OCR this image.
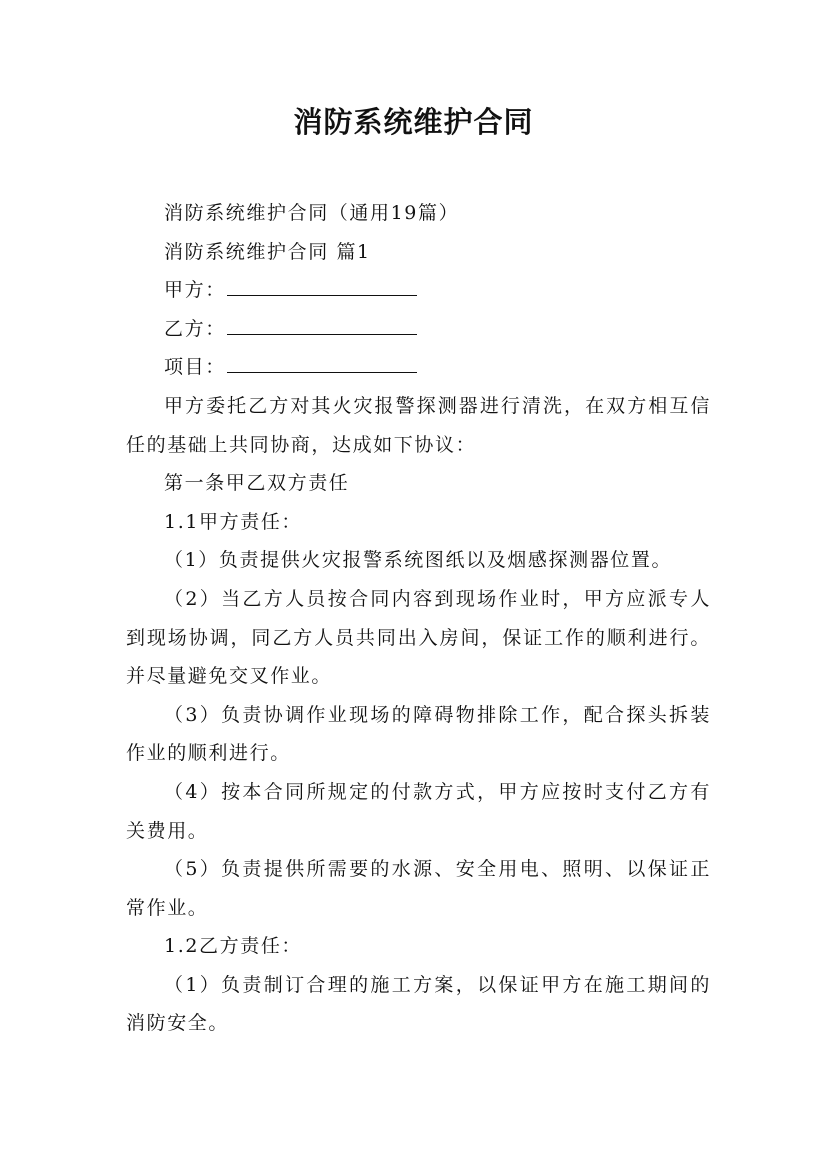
消防系统维护合同

消防系统维护合同（通用19篇）

消防系统维护合同 篇1

甲方：

乙方：

项目：

甲方委托乙方对其火灾报警探测器进行清洗，在双方相互信任的基础上共同协商，达成如下协议：

第一条甲乙双方责任

1.1甲方责任：

（1）负责提供火灾报警系统图纸以及烟感探测器位置。

（2）当乙方人员按合同内容到现场作业时，甲方应派专人到现场协调，同乙方人员共同出入房间，保证工作的顺利进行。并尽量避免交叉作业。

（3）负责协调作业现场的障碍物排除工作，配合探头拆装作业的顺利进行。

（4）按本合同所规定的付款方式，甲方应按时支付乙方有关费用。

（5）负责提供所需要的水源、安全用电、照明、以保证正常作业。

1.2乙方责任：

（1）负责制订合理的施工方案，以保证甲方在施工期间的消防安全。
